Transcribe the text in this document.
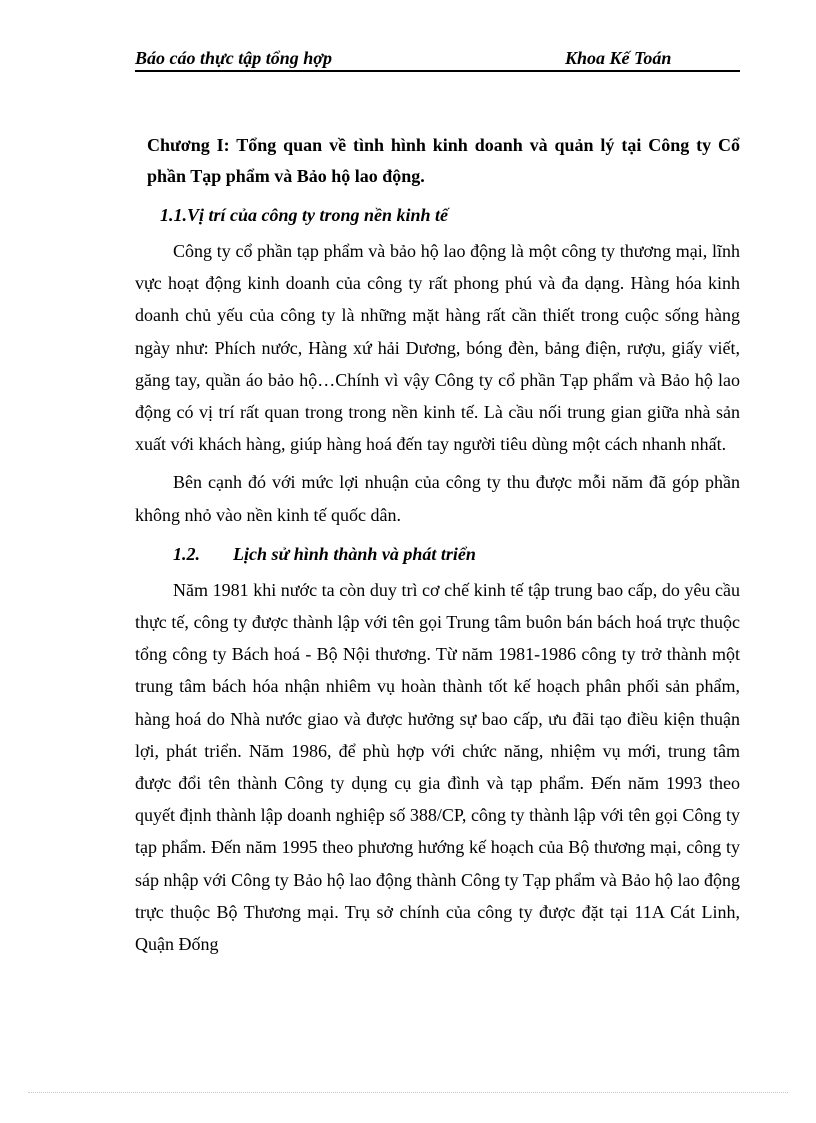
Báo cáo thực tập tổng hợp	Khoa Kế Toán

Chương I: Tổng quan về tình hình kinh doanh và quản lý tại Công ty Cổ phần Tạp phẩm và Bảo hộ lao động.

1.1.Vị trí của công ty trong nền kinh tế

Công ty cổ phần tạp phẩm và bảo hộ lao động là một công ty thương mại, lĩnh vực hoạt động kinh doanh của công ty rất phong phú và đa dạng. Hàng hóa kinh doanh chủ yếu của công ty là những mặt hàng rất cần thiết trong cuộc sống hàng ngày như: Phích nước, Hàng xứ hải Dương, bóng đèn, bảng điện, rượu, giấy viết, găng tay, quần áo bảo hộ…Chính vì vậy Công ty cổ phần Tạp phẩm và Bảo hộ lao động có vị trí rất quan trong trong nền kinh tế. Là cầu nối trung gian giữa nhà sản xuất với khách hàng, giúp hàng hoá đến tay người tiêu dùng một cách nhanh nhất.

Bên cạnh đó với mức lợi nhuận của công ty thu được mỗi năm đã góp phần không nhỏ vào nền kinh tế quốc dân.

1.2. Lịch sử hình thành và phát triển

Năm 1981 khi nước ta còn duy trì cơ chế kinh tế tập trung bao cấp, do yêu cầu thực tế, công ty được thành lập với tên gọi Trung tâm buôn bán bách hoá trực thuộc tổng công ty Bách hoá - Bộ Nội thương. Từ năm 1981-1986 công ty trở thành một trung tâm bách hóa nhận nhiêm vụ hoàn thành tốt kế hoạch phân phối sản phẩm, hàng hoá do Nhà nước giao và được hưởng sự bao cấp, ưu đãi tạo điều kiện thuận lợi, phát triển. Năm 1986, để phù hợp với chức năng, nhiệm vụ mới, trung tâm được đổi tên thành Công ty dụng cụ gia đình và tạp phẩm. Đến năm 1993 theo quyết định thành lập doanh nghiệp số 388/CP, công ty thành lập với tên gọi Công ty tạp phẩm. Đến năm 1995 theo phương hướng kế hoạch của Bộ thương mại, công ty sáp nhập với Công ty Bảo hộ lao động thành Công ty Tạp phẩm và Bảo hộ lao động trực thuộc Bộ Thương mại. Trụ sở chính của công ty được đặt tại 11A Cát Linh, Quận Đống
